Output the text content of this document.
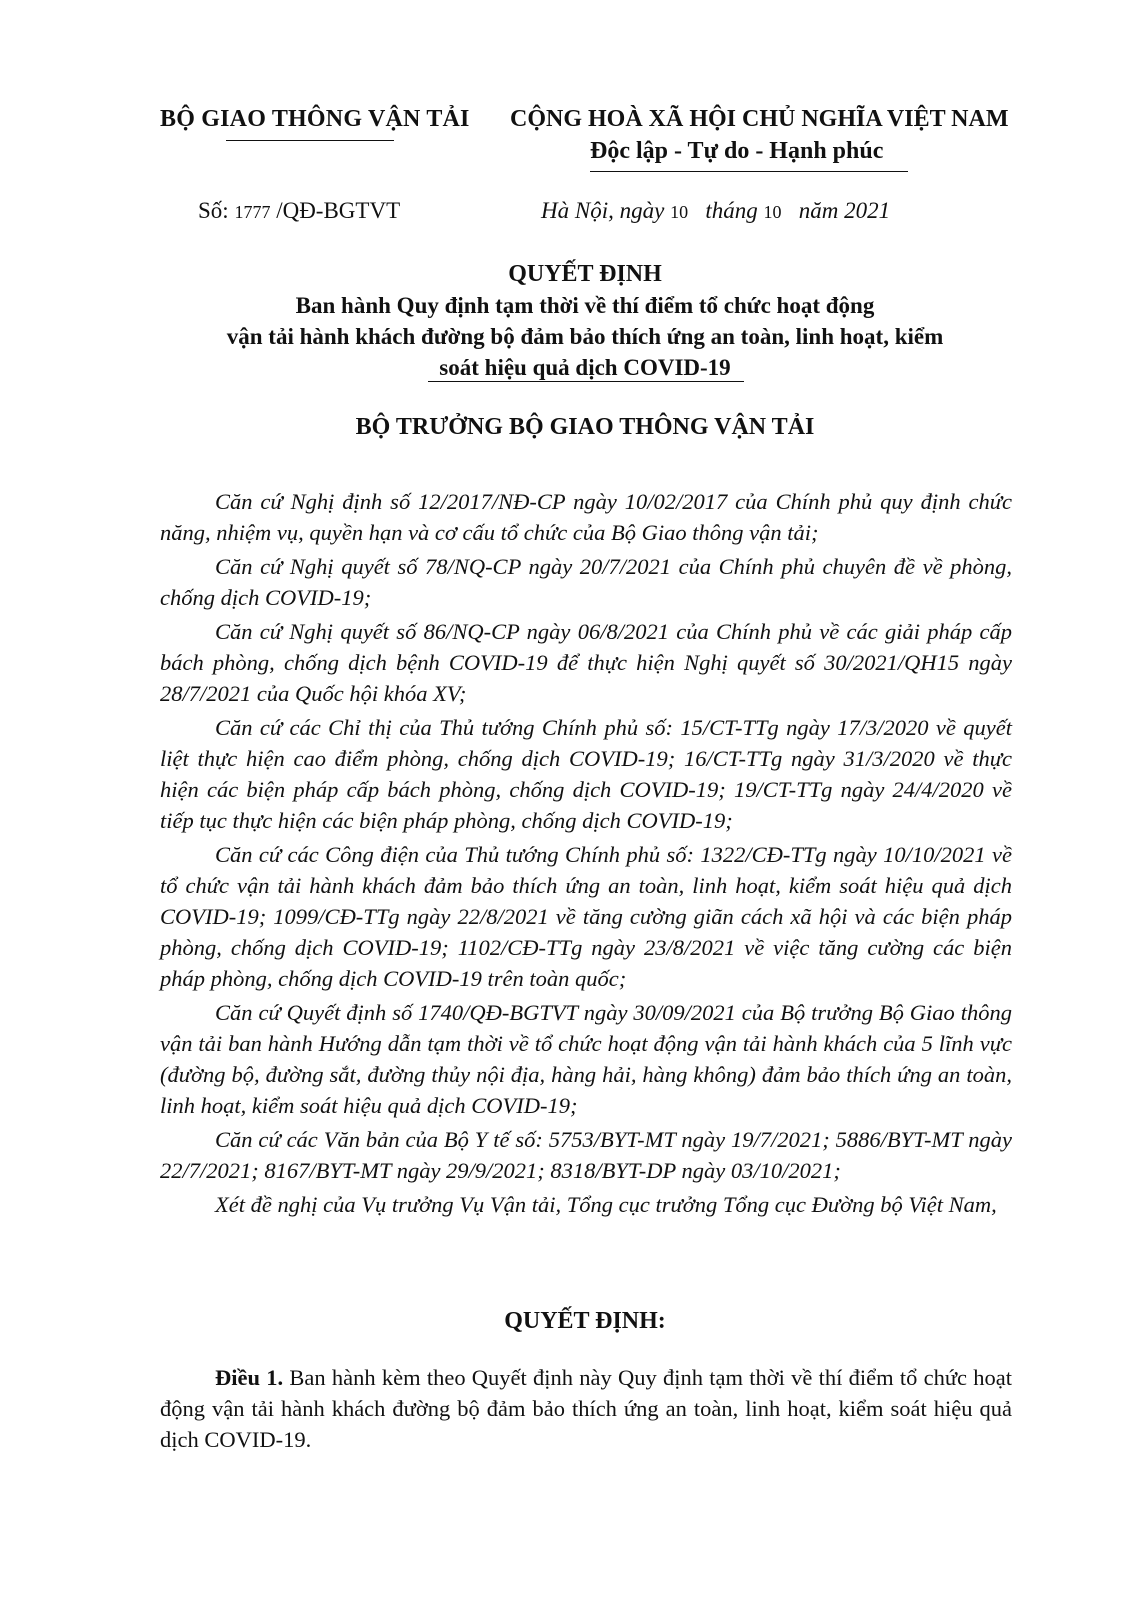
BỘ GIAO THÔNG VẬN TẢI CỘNG HOÀ XÃ HỘI CHỦ NGHĨA VIỆT NAM
Độc lập - Tự do - Hạnh phúc
Số: 1777 /QĐ-BGTVT	Hà Nội, ngày 10 tháng 10 năm 2021
QUYẾT ĐỊNH
Ban hành Quy định tạm thời về thí điểm tổ chức hoạt động
vận tải hành khách đường bộ đảm bảo thích ứng an toàn, linh hoạt, kiểm
soát hiệu quả dịch COVID-19
BỘ TRƯỞNG BỘ GIAO THÔNG VẬN TẢI

Căn cứ Nghị định số 12/2017/NĐ-CP ngày 10/02/2017 của Chính phủ quy định chức năng, nhiệm vụ, quyền hạn và cơ cấu tổ chức của Bộ Giao thông vận tải;

Căn cứ Nghị quyết số 78/NQ-CP ngày 20/7/2021 của Chính phủ chuyên đề về phòng, chống dịch COVID-19;

Căn cứ Nghị quyết số 86/NQ-CP ngày 06/8/2021 của Chính phủ về các giải pháp cấp bách phòng, chống dịch bệnh COVID-19 để thực hiện Nghị quyết số 30/2021/QH15 ngày 28/7/2021 của Quốc hội khóa XV;

Căn cứ các Chỉ thị của Thủ tướng Chính phủ số: 15/CT-TTg ngày 17/3/2020 về quyết liệt thực hiện cao điểm phòng, chống dịch COVID-19; 16/CT-TTg ngày 31/3/2020 về thực hiện các biện pháp cấp bách phòng, chống dịch COVID-19; 19/CT-TTg ngày 24/4/2020 về tiếp tục thực hiện các biện pháp phòng, chống dịch COVID-19;

Căn cứ các Công điện của Thủ tướng Chính phủ số: 1322/CĐ-TTg ngày 10/10/2021 về tổ chức vận tải hành khách đảm bảo thích ứng an toàn, linh hoạt, kiểm soát hiệu quả dịch COVID-19; 1099/CĐ-TTg ngày 22/8/2021 về tăng cường giãn cách xã hội và các biện pháp phòng, chống dịch COVID-19; 1102/CĐ-TTg ngày 23/8/2021 về việc tăng cường các biện pháp phòng, chống dịch COVID-19 trên toàn quốc;

Căn cứ Quyết định số 1740/QĐ-BGTVT ngày 30/09/2021 của Bộ trưởng Bộ Giao thông vận tải ban hành Hướng dẫn tạm thời về tổ chức hoạt động vận tải hành khách của 5 lĩnh vực (đường bộ, đường sắt, đường thủy nội địa, hàng hải, hàng không) đảm bảo thích ứng an toàn, linh hoạt, kiểm soát hiệu quả dịch COVID-19;

Căn cứ các Văn bản của Bộ Y tế số: 5753/BYT-MT ngày 19/7/2021; 5886/BYT-MT ngày 22/7/2021; 8167/BYT-MT ngày 29/9/2021; 8318/BYT-DP ngày 03/10/2021;

Xét đề nghị của Vụ trưởng Vụ Vận tải, Tổng cục trưởng Tổng cục Đường bộ Việt Nam,

QUYẾT ĐỊNH:

Điều 1. Ban hành kèm theo Quyết định này Quy định tạm thời về thí điểm tổ chức hoạt động vận tải hành khách đường bộ đảm bảo thích ứng an toàn, linh hoạt, kiểm soát hiệu quả dịch COVID-19.
